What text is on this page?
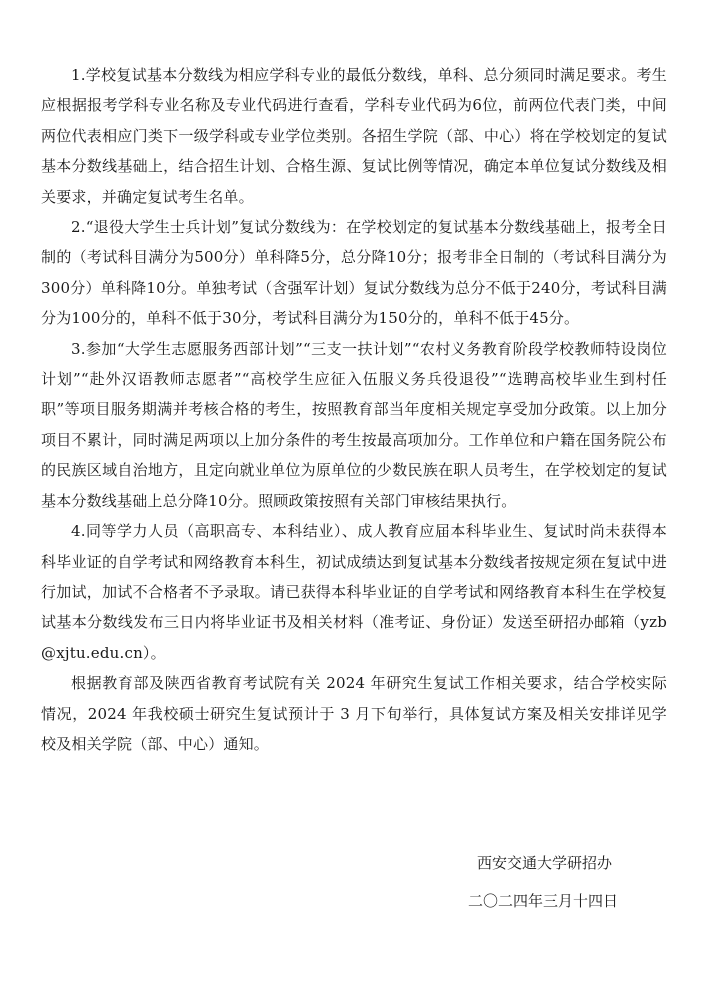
1.学校复试基本分数线为相应学科专业的最低分数线，单科、总分须同时满足要求。考生应根据报考学科专业名称及专业代码进行查看，学科专业代码为6位，前两位代表门类，中间两位代表相应门类下一级学科或专业学位类别。各招生学院（部、中心）将在学校划定的复试基本分数线基础上，结合招生计划、合格生源、复试比例等情况，确定本单位复试分数线及相关要求，并确定复试考生名单。

2.“退役大学生士兵计划”复试分数线为：在学校划定的复试基本分数线基础上，报考全日制的（考试科目满分为500分）单科降5分，总分降10分；报考非全日制的（考试科目满分为300分）单科降10分。单独考试（含强军计划）复试分数线为总分不低于240分，考试科目满分为100分的，单科不低于30分，考试科目满分为150分的，单科不低于45分。

3.参加“大学生志愿服务西部计划”“三支一扶计划”“农村义务教育阶段学校教师特设岗位计划”“赴外汉语教师志愿者”“高校学生应征入伍服义务兵役退役”“选聘高校毕业生到村任职”等项目服务期满并考核合格的考生，按照教育部当年度相关规定享受加分政策。以上加分项目不累计，同时满足两项以上加分条件的考生按最高项加分。工作单位和户籍在国务院公布的民族区域自治地方，且定向就业单位为原单位的少数民族在职人员考生，在学校划定的复试基本分数线基础上总分降10分。照顾政策按照有关部门审核结果执行。

4.同等学力人员（高职高专、本科结业）、成人教育应届本科毕业生、复试时尚未获得本科毕业证的自学考试和网络教育本科生，初试成绩达到复试基本分数线者按规定须在复试中进行加试，加试不合格者不予录取。请已获得本科毕业证的自学考试和网络教育本科生在学校复试基本分数线发布三日内将毕业证书及相关材料（准考证、身份证）发送至研招办邮箱（yzb@xjtu.edu.cn）。

根据教育部及陕西省教育考试院有关 2024 年研究生复试工作相关要求，结合学校实际情况，2024 年我校硕士研究生复试预计于 3 月下旬举行，具体复试方案及相关安排详见学校及相关学院（部、中心）通知。

西安交通大学研招办
二〇二四年三月十四日
